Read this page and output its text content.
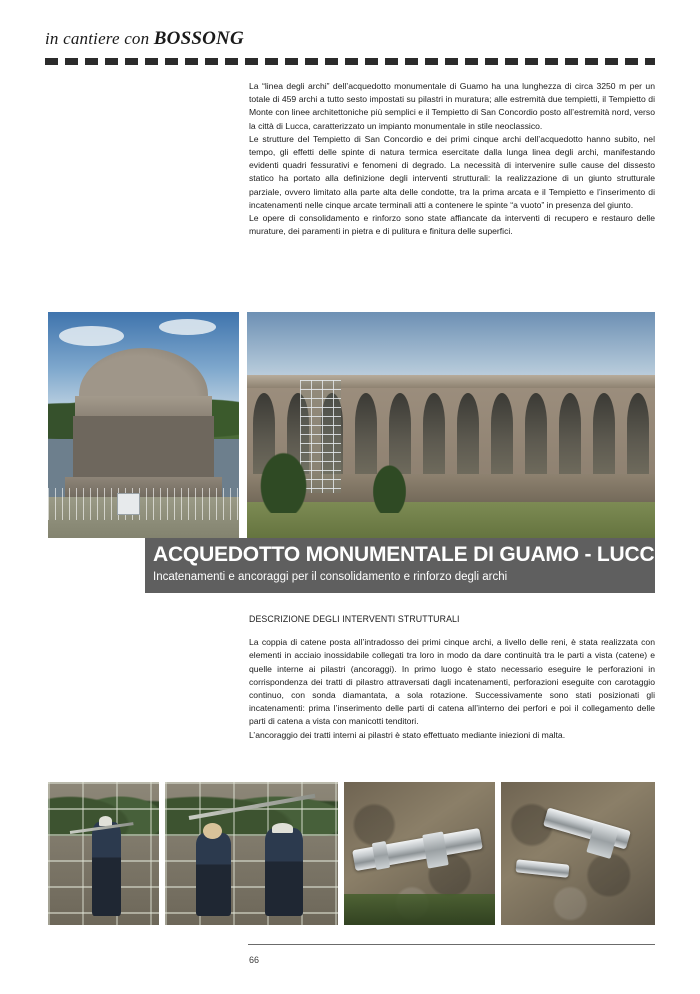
in cantiere con BOSSONG

La “linea degli archi” dell’acquedotto monumentale di Guamo ha una lunghezza di circa 3250 m per un totale di 459 archi a tutto sesto impostati su pilastri in muratura; alle estremità due tempietti, il Tempietto di Monte con linee architettoniche più semplici e il Tempietto di San Concordio posto all’estremità nord, verso la città di Lucca, caratterizzato un impianto monumentale in stile neoclassico.

Le strutture del Tempietto di San Concordio e dei primi cinque archi dell’acquedotto hanno subito, nel tempo, gli effetti delle spinte di natura termica esercitate dalla lunga linea degli archi, manifestando evidenti quadri fessurativi e fenomeni di degrado. La necessità di intervenire sulle cause del dissesto statico ha portato alla definizione degli interventi strutturali: la realizzazione di un giunto strutturale parziale, ovvero limitato alla parte alta delle condotte, tra la prima arcata e il Tempietto e l’inserimento di incatenamenti nelle cinque arcate terminali atti a contenere le spinte “a vuoto” in presenza del giunto.

Le opere di consolidamento e rinforzo sono state affiancate da interventi di recupero e restauro delle murature, dei paramenti in pietra e di pulitura e finitura delle superfici.

ACQUEDOTTO MONUMENTALE DI GUAMO - LUCCA
Incatenamenti e ancoraggi per il consolidamento e rinforzo degli archi
DESCRIZIONE DEGLI INTERVENTI STRUTTURALI

La coppia di catene posta all’intradosso dei primi cinque archi, a livello delle reni, è stata realizzata con elementi in acciaio inossidabile collegati tra loro in modo da dare continuità tra le parti a vista (catene) e quelle interne ai pilastri (ancoraggi). In primo luogo è stato necessario eseguire le perforazioni in corrispondenza dei tratti di pilastro attraversati dagli incatenamenti, perforazioni eseguite con carotaggio continuo, con sonda diamantata, a sola rotazione. Successivamente sono stati posizionati gli incatenamenti: prima l’inserimento delle parti di catena all’interno dei perfori e poi il collegamento delle parti di catena a vista con manicotti tenditori.

L’ancoraggio dei tratti interni ai pilastri è stato effettuato mediante iniezioni di malta.

66
